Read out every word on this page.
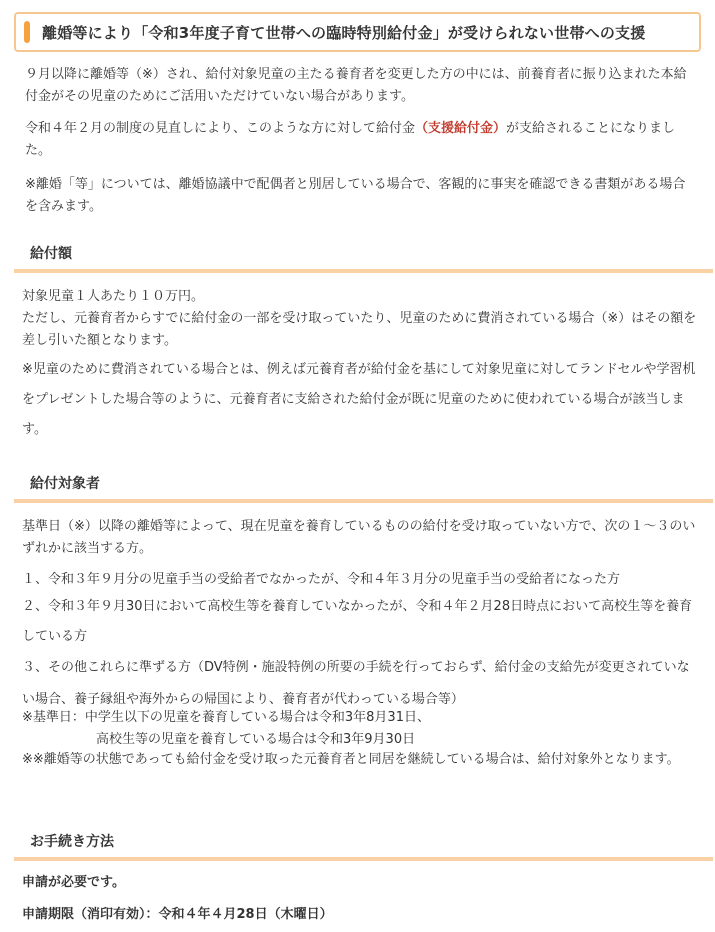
離婚等により「令和3年度子育て世帯への臨時特別給付金」が受けられない世帯への支援

９月以降に離婚等（※）され、給付対象児童の主たる養育者を変更した方の中には、前養育者に振り込まれた本給付金がその児童のためにご活用いただけていない場合があります。

令和４年２月の制度の見直しにより、このような方に対して給付金（支援給付金）が支給されることになりました。

※離婚「等」については、離婚協議中で配偶者と別居している場合で、客観的に事実を確認できる書類がある場合を含みます。

給付額
対象児童１人あたり１０万円。
ただし、元養育者からすでに給付金の一部を受け取っていたり、児童のために費消されている場合（※）はその額を差し引いた額となります。
※児童のために費消されている場合とは、例えば元養育者が給付金を基にして対象児童に対してランドセルや学習机をプレゼントした場合等のように、元養育者に支給された給付金が既に児童のために使われている場合が該当します。
給付対象者
基準日（※）以降の離婚等によって、現在児童を養育しているものの給付を受け取っていない方で、次の１～３のいずれかに該当する方。
１、令和３年９月分の児童手当の受給者でなかったが、令和４年３月分の児童手当の受給者になった方
２、令和３年９月30日において高校生等を養育していなかったが、令和４年２月28日時点において高校生等を養育している方
３、その他これらに準ずる方（DV特例・施設特例の所要の手続を行っておらず、給付金の支給先が変更されていない場合、養子縁組や海外からの帰国により、養育者が代わっている場合等）
※基準日：中学生以下の児童を養育している場合は令和3年8月31日、
高校生等の児童を養育している場合は令和3年9月30日
※※離婚等の状態であっても給付金を受け取った元養育者と同居を継続している場合は、給付対象外となります。
お手続き方法
申請が必要です。
申請期限（消印有効）：令和４年４月28日（木曜日）
